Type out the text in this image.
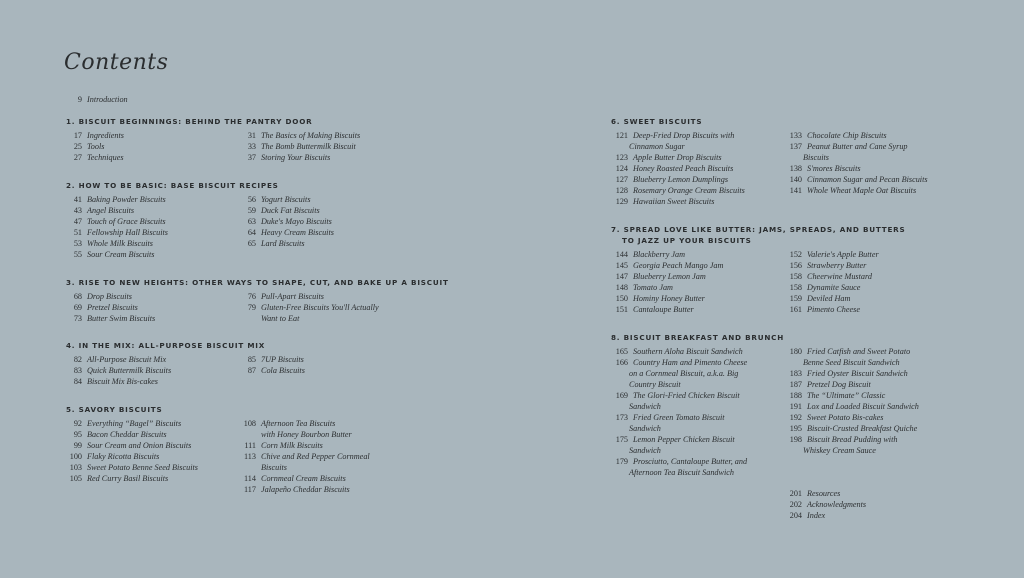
Contents
9 Introduction
1. BISCUIT BEGINNINGS: BEHIND THE PANTRY DOOR
17 Ingredients
25 Tools
27 Techniques
31 The Basics of Making Biscuits
33 The Bomb Buttermilk Biscuit
37 Storing Your Biscuits
2. HOW TO BE BASIC: BASE BISCUIT RECIPES
41 Baking Powder Biscuits
43 Angel Biscuits
47 Touch of Grace Biscuits
51 Fellowship Hall Biscuits
53 Whole Milk Biscuits
55 Sour Cream Biscuits
56 Yogurt Biscuits
59 Duck Fat Biscuits
63 Duke's Mayo Biscuits
64 Heavy Cream Biscuits
65 Lard Biscuits
3. RISE TO NEW HEIGHTS: OTHER WAYS TO SHAPE, CUT, AND BAKE UP A BISCUIT
68 Drop Biscuits
69 Pretzel Biscuits
73 Butter Swim Biscuits
76 Pull-Apart Biscuits
79 Gluten-Free Biscuits You'll Actually
Want to Eat
4. IN THE MIX: ALL-PURPOSE BISCUIT MIX
82 All-Purpose Biscuit Mix
83 Quick Buttermilk Biscuits
84 Biscuit Mix Bis-cakes
85 7UP Biscuits
87 Cola Biscuits
5. SAVORY BISCUITS
92 Everything “Bagel” Biscuits
95 Bacon Cheddar Biscuits
99 Sour Cream and Onion Biscuits
100 Flaky Ricotta Biscuits
103 Sweet Potato Benne Seed Biscuits
105 Red Curry Basil Biscuits
108 Afternoon Tea Biscuits
with Honey Bourbon Butter
111 Corn Milk Biscuits
113 Chive and Red Pepper Cornmeal
Biscuits
114 Cornmeal Cream Biscuits
117 Jalapeño Cheddar Biscuits
6. SWEET BISCUITS
121 Deep-Fried Drop Biscuits with
Cinnamon Sugar
123 Apple Butter Drop Biscuits
124 Honey Roasted Peach Biscuits
127 Blueberry Lemon Dumplings
128 Rosemary Orange Cream Biscuits
129 Hawaiian Sweet Biscuits
133 Chocolate Chip Biscuits
137 Peanut Butter and Cane Syrup
Biscuits
138 S'mores Biscuits
140 Cinnamon Sugar and Pecan Biscuits
141 Whole Wheat Maple Oat Biscuits
7. SPREAD LOVE LIKE BUTTER: JAMS, SPREADS, AND BUTTERS
TO JAZZ UP YOUR BISCUITS
144 Blackberry Jam
145 Georgia Peach Mango Jam
147 Blueberry Lemon Jam
148 Tomato Jam
150 Hominy Honey Butter
151 Cantaloupe Butter
152 Valerie's Apple Butter
156 Strawberry Butter
158 Cheerwine Mustard
158 Dynamite Sauce
159 Deviled Ham
161 Pimento Cheese
8. BISCUIT BREAKFAST AND BRUNCH
165 Southern Aloha Biscuit Sandwich
166 Country Ham and Pimento Cheese
on a Cornmeal Biscuit, a.k.a. Big
Country Biscuit
169 The Glori-Fried Chicken Biscuit
Sandwich
173 Fried Green Tomato Biscuit
Sandwich
175 Lemon Pepper Chicken Biscuit
Sandwich
179 Prosciutto, Cantaloupe Butter, and
Afternoon Tea Biscuit Sandwich
180 Fried Catfish and Sweet Potato
Benne Seed Biscuit Sandwich
183 Fried Oyster Biscuit Sandwich
187 Pretzel Dog Biscuit
188 The “Ultimate” Classic
191 Lox and Loaded Biscuit Sandwich
192 Sweet Potato Bis-cakes
195 Biscuit-Crusted Breakfast Quiche
198 Biscuit Bread Pudding with
Whiskey Cream Sauce
201 Resources
202 Acknowledgments
204 Index
